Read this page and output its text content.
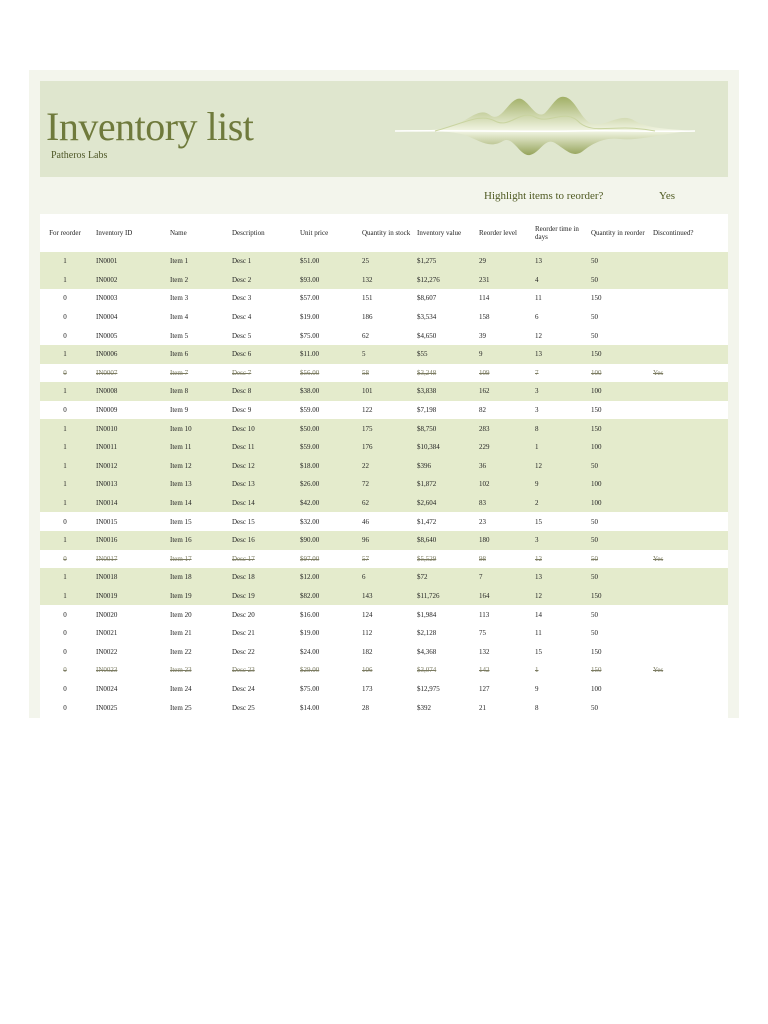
Inventory list
Patheros Labs
Highlight items to reorder?	Yes
For reorder	Inventory ID	Name	Description	Unit price	Quantity in stock	Inventory value	Reorder level	Reorder time in days	Quantity in reorder	Discontinued?
1	IN0001	Item 1	Desc 1	$51.00	25	$1,275	29	13	50	
1	IN0002	Item 2	Desc 2	$93.00	132	$12,276	231	4	50	
0	IN0003	Item 3	Desc 3	$57.00	151	$8,607	114	11	150	
0	IN0004	Item 4	Desc 4	$19.00	186	$3,534	158	6	50	
0	IN0005	Item 5	Desc 5	$75.00	62	$4,650	39	12	50	
1	IN0006	Item 6	Desc 6	$11.00	5	$55	9	13	150	
0	IN0007	Item 7	Desc 7	$56.00	58	$3,248	109	7	100	Yes
1	IN0008	Item 8	Desc 8	$38.00	101	$3,838	162	3	100	
0	IN0009	Item 9	Desc 9	$59.00	122	$7,198	82	3	150	
1	IN0010	Item 10	Desc 10	$50.00	175	$8,750	283	8	150	
1	IN0011	Item 11	Desc 11	$59.00	176	$10,384	229	1	100	
1	IN0012	Item 12	Desc 12	$18.00	22	$396	36	12	50	
1	IN0013	Item 13	Desc 13	$26.00	72	$1,872	102	9	100	
1	IN0014	Item 14	Desc 14	$42.00	62	$2,604	83	2	100	
0	IN0015	Item 15	Desc 15	$32.00	46	$1,472	23	15	50	
1	IN0016	Item 16	Desc 16	$90.00	96	$8,640	180	3	50	
0	IN0017	Item 17	Desc 17	$97.00	57	$5,529	98	12	50	Yes
1	IN0018	Item 18	Desc 18	$12.00	6	$72	7	13	50	
1	IN0019	Item 19	Desc 19	$82.00	143	$11,726	164	12	150	
0	IN0020	Item 20	Desc 20	$16.00	124	$1,984	113	14	50	
0	IN0021	Item 21	Desc 21	$19.00	112	$2,128	75	11	50	
0	IN0022	Item 22	Desc 22	$24.00	182	$4,368	132	15	150	
0	IN0023	Item 23	Desc 23	$29.00	106	$3,074	142	1	150	Yes
0	IN0024	Item 24	Desc 24	$75.00	173	$12,975	127	9	100	
0	IN0025	Item 25	Desc 25	$14.00	28	$392	21	8	50	
